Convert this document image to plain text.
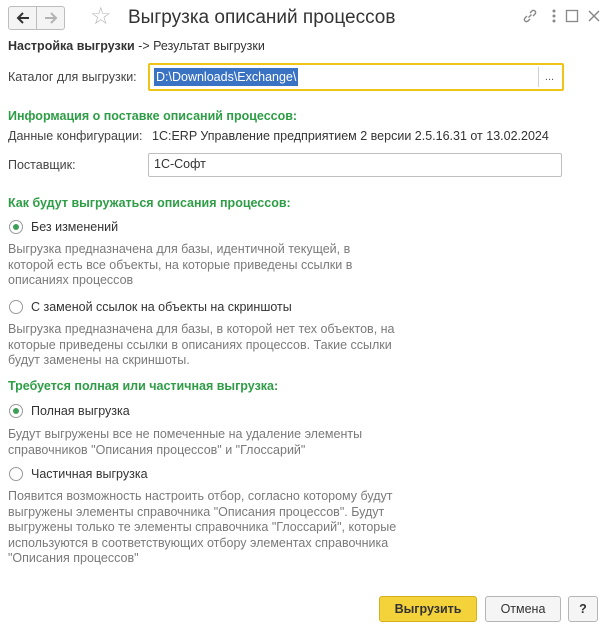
☆ Выгрузка описаний процессов
Настройка выгрузки -> Результат выгрузки
Каталог для выгрузки: D:\Downloads\Exchange\	...
Информация о поставке описаний процессов:
Данные конфигурации: 1С:ERP Управление предприятием 2 версии 2.5.16.31 от 13.02.2024
Поставщик:	1С-Софт
Как будут выгружаться описания процессов:
Без изменений
Выгрузка предназначена для базы, идентичной текущей, в которой есть все объекты, на которые приведены ссылки в описаниях процессов
С заменой ссылок на объекты на скриншоты
Выгрузка предназначена для базы, в которой нет тех объектов, на которые приведены ссылки в описаниях процессов. Такие ссылки будут заменены на скриншоты.
Требуется полная или частичная выгрузка:
Полная выгрузка
Будут выгружены все не помеченные на удаление элементы справочников "Описания процессов" и "Глоссарий"
Частичная выгрузка
Появится возможность настроить отбор, согласно которому будут выгружены элементы справочника "Описания процессов". Будут выгружены только те элементы справочника "Глоссарий", которые используются в соответствующих отбору элементах справочника "Описания процессов"
Выгрузить	Отмена	?
